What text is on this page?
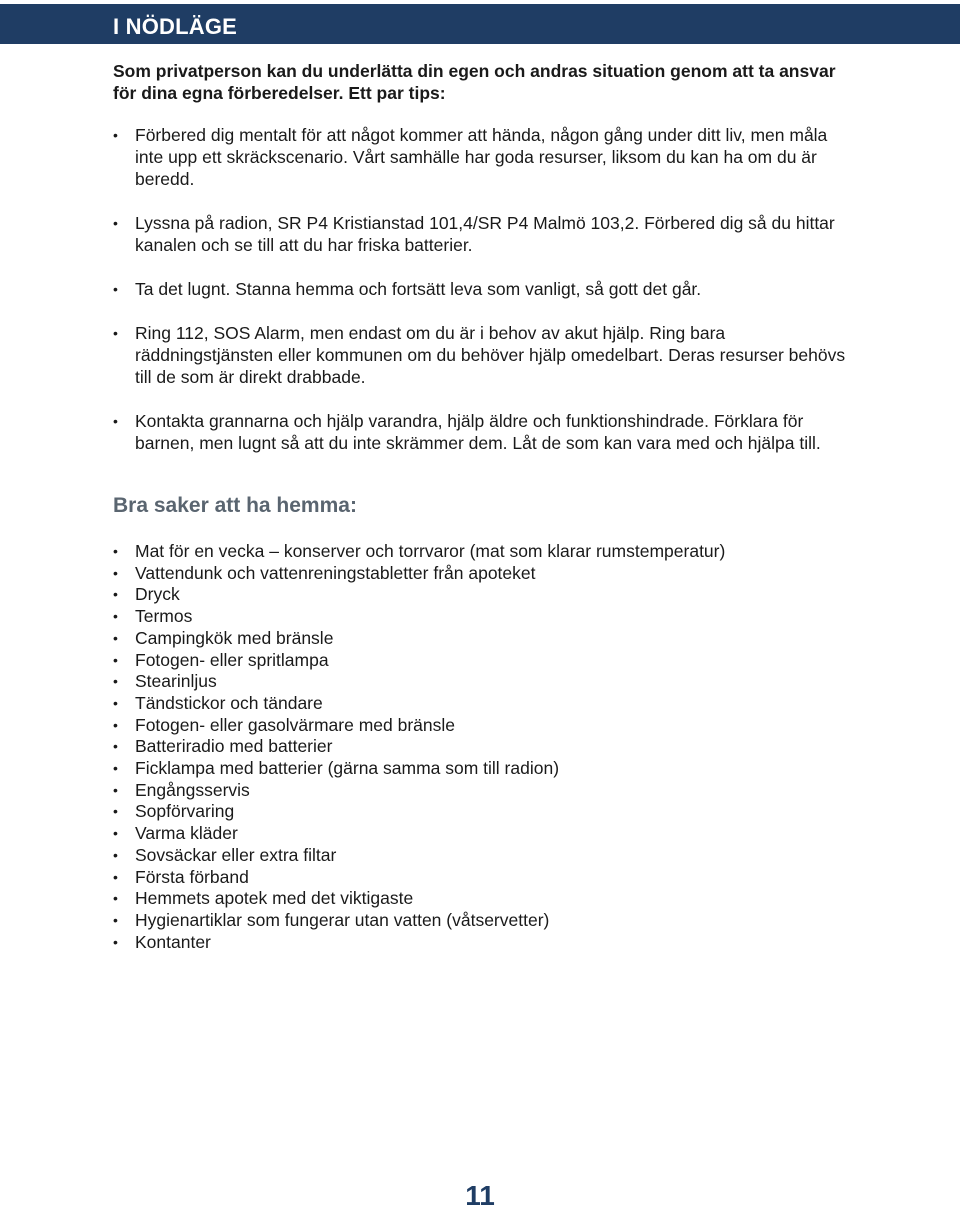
I NÖDLÄGE

Som privatperson kan du underlätta din egen och andras situation genom att ta ansvar för dina egna förberedelser. Ett par tips:

• Förbered dig mentalt för att något kommer att hända, någon gång under ditt liv, men måla inte upp ett skräckscenario. Vårt samhälle har goda resurser, liksom du kan ha om du är beredd.
• Lyssna på radion, SR P4 Kristianstad 101,4/SR P4 Malmö 103,2. Förbered dig så du hittar kanalen och se till att du har friska batterier.
• Ta det lugnt. Stanna hemma och fortsätt leva som vanligt, så gott det går.
• Ring 112, SOS Alarm, men endast om du är i behov av akut hjälp. Ring bara räddningstjänsten eller kommunen om du behöver hjälp omedelbart. Deras resurser behövs till de som är direkt drabbade.
• Kontakta grannarna och hjälp varandra, hjälp äldre och funktionshindrade. Förklara för barnen, men lugnt så att du inte skrämmer dem. Låt de som kan vara med och hjälpa till.
Bra saker att ha hemma:
• Mat för en vecka – konserver och torrvaror (mat som klarar rumstemperatur)
• Vattendunk och vattenreningstabletter från apoteket
• Dryck
• Termos
• Campingkök med bränsle
• Fotogen- eller spritlampa
• Stearinljus
• Tändstickor och tändare
• Fotogen- eller gasolvärmare med bränsle
• Batteriradio med batterier
• Ficklampa med batterier (gärna samma som till radion)
• Engångsservis
• Sopförvaring
• Varma kläder
• Sovsäckar eller extra filtar
• Första förband
• Hemmets apotek med det viktigaste
• Hygienartiklar som fungerar utan vatten (våtservetter)
• Kontanter
11
